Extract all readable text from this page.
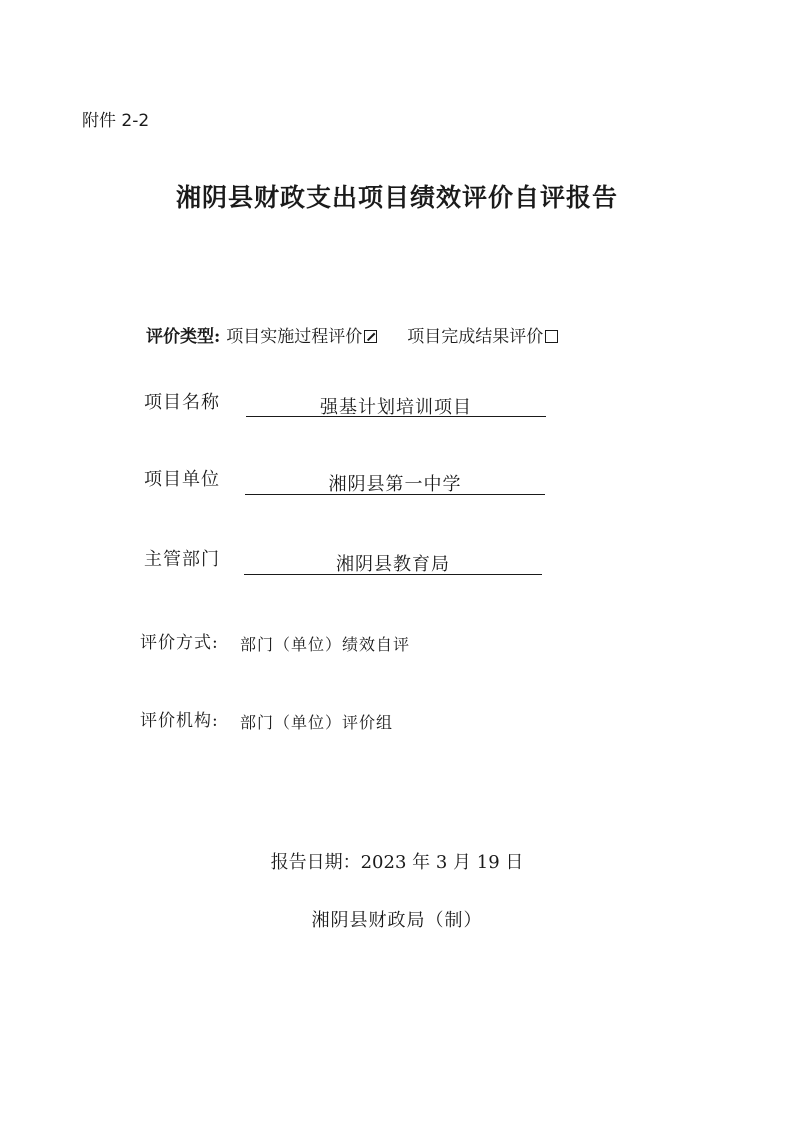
附件 2-2
湘阴县财政支出项目绩效评价自评报告
评价类型: 项目实施过程评价	项目完成结果评价
项目名称	强基计划培训项目
项目单位	湘阴县第一中学
主管部门	湘阴县教育局
评价方式: 部门（单位）绩效自评
评价机构: 部门（单位）评价组
报告日期：2023 年 3 月 19 日
湘阴县财政局（制）
